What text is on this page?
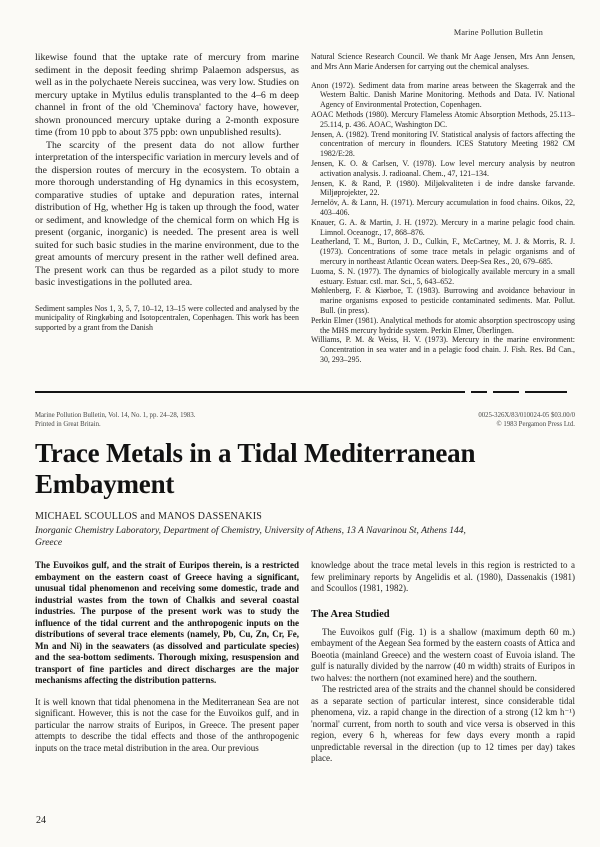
Marine Pollution Bulletin

likewise found that the uptake rate of mercury from marine sediment in the deposit feeding shrimp Palaemon adspersus, as well as in the polychaete Nereis succinea, was very low. Studies on mercury uptake in Mytilus edulis transplanted to the 4–6 m deep channel in front of the old 'Cheminova' factory have, however, shown pronounced mercury uptake during a 2-month exposure time (from 10 ppb to about 375 ppb: own unpublished results).

The scarcity of the present data do not allow further interpretation of the interspecific variation in mercury levels and of the dispersion routes of mercury in the ecosystem. To obtain a more thorough understanding of Hg dynamics in this ecosystem, comparative studies of uptake and depuration rates, internal distribution of Hg, whether Hg is taken up through the food, water or sediment, and knowledge of the chemical form on which Hg is present (organic, inorganic) is needed. The present area is well suited for such basic studies in the marine environment, due to the great amounts of mercury present in the rather well defined area. The present work can thus be regarded as a pilot study to more basic investigations in the polluted area.

Sediment samples Nos 1, 3, 5, 7, 10–12, 13–15 were collected and analysed by the municipality of Ringkøbing and Isotopcentralen, Copenhagen. This work has been supported by a grant from the Danish

Natural Science Research Council. We thank Mr Aage Jensen, Mrs Ann Jensen, and Mrs Ann Marie Andersen for carrying out the chemical analyses.

Anon (1972). Sediment data from marine areas between the Skagerrak and the Western Baltic. Danish Marine Monitoring. Methods and Data. IV. National Agency of Environmental Protection, Copenhagen.

AOAC Methods (1980). Mercury Flameless Atomic Absorption Methods, 25.113–25.114, p. 436. AOAC, Washington DC.

Jensen, A. (1982). Trend monitoring IV. Statistical analysis of factors affecting the concentration of mercury in flounders. ICES Statutory Meeting 1982 CM 1982/E:28.

Jensen, K. O. & Carlsen, V. (1978). Low level mercury analysis by neutron activation analysis. J. radioanal. Chem., 47, 121–134.

Jensen, K. & Rand, P. (1980). Miljøkvaliteten i de indre danske farvande. Miljøprojekter, 22.

Jernelöv, A. & Lann, H. (1971). Mercury accumulation in food chains. Oikos, 22, 403–406.

Knauer, G. A. & Martin, J. H. (1972). Mercury in a marine pelagic food chain. Limnol. Oceanogr., 17, 868–876.

Leatherland, T. M., Burton, J. D., Culkin, F., McCartney, M. J. & Morris, R. J. (1973). Concentrations of some trace metals in pelagic organisms and of mercury in northeast Atlantic Ocean waters. Deep-Sea Res., 20, 679–685.

Luoma, S. N. (1977). The dynamics of biologically available mercury in a small estuary. Estuar. cstl. mar. Sci., 5, 643–652.

Møhlenberg, F. & Kiørboe, T. (1983). Burrowing and avoidance behaviour in marine organisms exposed to pesticide contaminated sediments. Mar. Pollut. Bull. (in press).

Perkin Elmer (1981). Analytical methods for atomic absorption spectroscopy using the MHS mercury hydride system. Perkin Elmer, Überlingen.

Williams, P. M. & Weiss, H. V. (1973). Mercury in the marine environment: Concentration in sea water and in a pelagic food chain. J. Fish. Res. Bd Can., 30, 293–295.

Marine Pollution Bulletin, Vol. 14, No. 1, pp. 24–28, 1983.
Printed in Great Britain.
0025-326X/83/010024-05 $03.00/0
© 1983 Pergamon Press Ltd.
Trace Metals in a Tidal Mediterranean Embayment
MICHAEL SCOULLOS and MANOS DASSENAKIS
Inorganic Chemistry Laboratory, Department of Chemistry, University of Athens, 13 A Navarinou St, Athens 144, Greece

The Euvoikos gulf, and the strait of Euripos therein, is a restricted embayment on the eastern coast of Greece having a significant, unusual tidal phenomenon and receiving some domestic, trade and industrial wastes from the town of Chalkis and several coastal industries. The purpose of the present work was to study the influence of the tidal current and the anthropogenic inputs on the distributions of several trace elements (namely, Pb, Cu, Zn, Cr, Fe, Mn and Ni) in the seawaters (as dissolved and particulate species) and the sea-bottom sediments. Thorough mixing, resuspension and transport of fine particles and direct discharges are the major mechanisms affecting the distribution patterns.

It is well known that tidal phenomena in the Mediterranean Sea are not significant. However, this is not the case for the Euvoikos gulf, and in particular the narrow straits of Euripos, in Greece. The present paper attempts to describe the tidal effects and those of the anthropogenic inputs on the trace metal distribution in the area. Our previous

knowledge about the trace metal levels in this region is restricted to a few preliminary reports by Angelidis et al. (1980), Dassenakis (1981) and Scoullos (1981, 1982).

The Area Studied

The Euvoikos gulf (Fig. 1) is a shallow (maximum depth 60 m.) embayment of the Aegean Sea formed by the eastern coasts of Attica and Boeotia (mainland Greece) and the western coast of Euvoia island. The gulf is naturally divided by the narrow (40 m width) straits of Euripos in two halves: the northern (not examined here) and the southern.

The restricted area of the straits and the channel should be considered as a separate section of particular interest, since considerable tidal phenomena, viz. a rapid change in the direction of a strong (12 km h⁻¹) 'normal' current, from north to south and vice versa is observed in this region, every 6 h, whereas for few days every month a rapid unpredictable reversal in the direction (up to 12 times per day) takes place.

24
